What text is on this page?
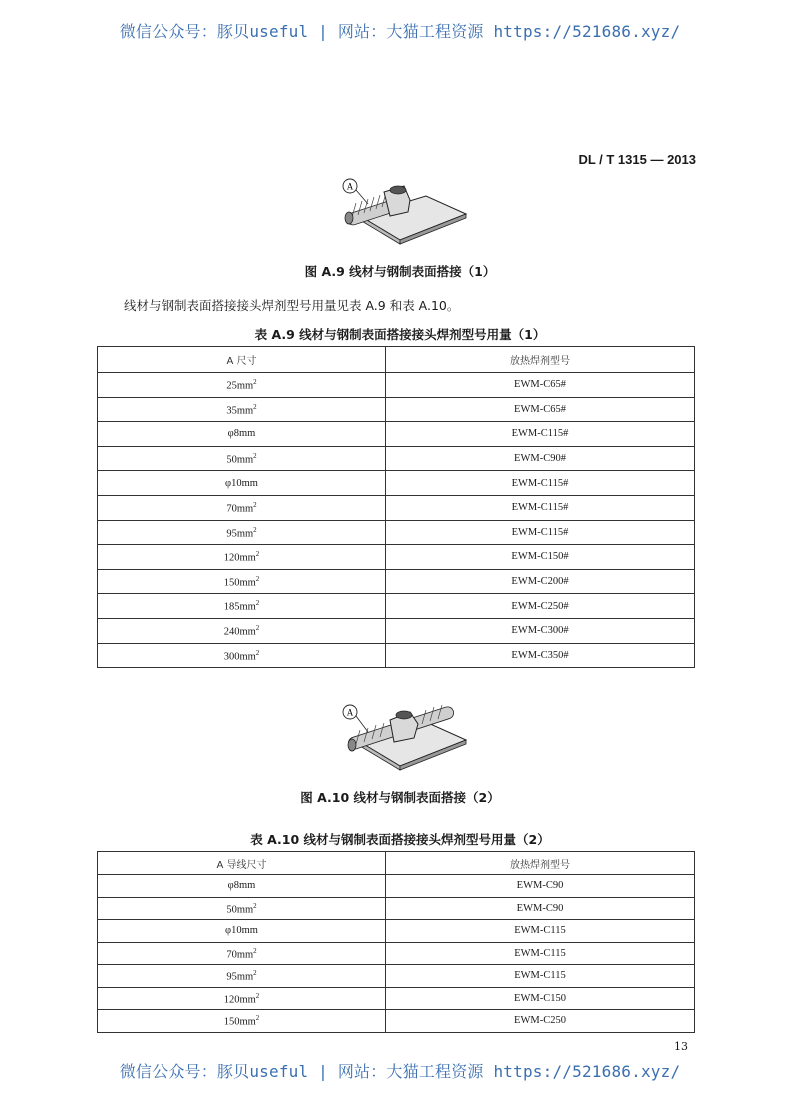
微信公众号：豚贝useful | 网站：大猫工程资源 https://521686.xyz/
DL / T 1315 — 2013
A
图 A.9 线材与钢制表面搭接（1）
线材与钢制表面搭接接头焊剂型号用量见表 A.9 和表 A.10。
表 A.9 线材与钢制表面搭接接头焊剂型号用量（1）
A 尺寸	放热焊剂型号
$25mm^2$	EWM-C65#
$35mm^2$	EWM-C65#
φ8mm	EWM-C115#
$50mm^2$	EWM-C90#
φ10mm	EWM-C115#
$70mm^2$	EWM-C115#
$95mm^2$	EWM-C115#
$120mm^2$	EWM-C150#
$150mm^2$	EWM-C200#
$185mm^2$	EWM-C250#
$240mm^2$	EWM-C300#
$300mm^2$	EWM-C350#
A
图 A.10 线材与钢制表面搭接（2）
表 A.10 线材与钢制表面搭接接头焊剂型号用量（2）
A 导线尺寸	放热焊剂型号
φ8mm	EWM-C90
$50mm^2$	EWM-C90
φ10mm	EWM-C115
$70mm^2$	EWM-C115
$95mm^2$	EWM-C115
$120mm^2$	EWM-C150
$150mm^2$	EWM-C250
13
微信公众号：豚贝useful | 网站：大猫工程资源 https://521686.xyz/
